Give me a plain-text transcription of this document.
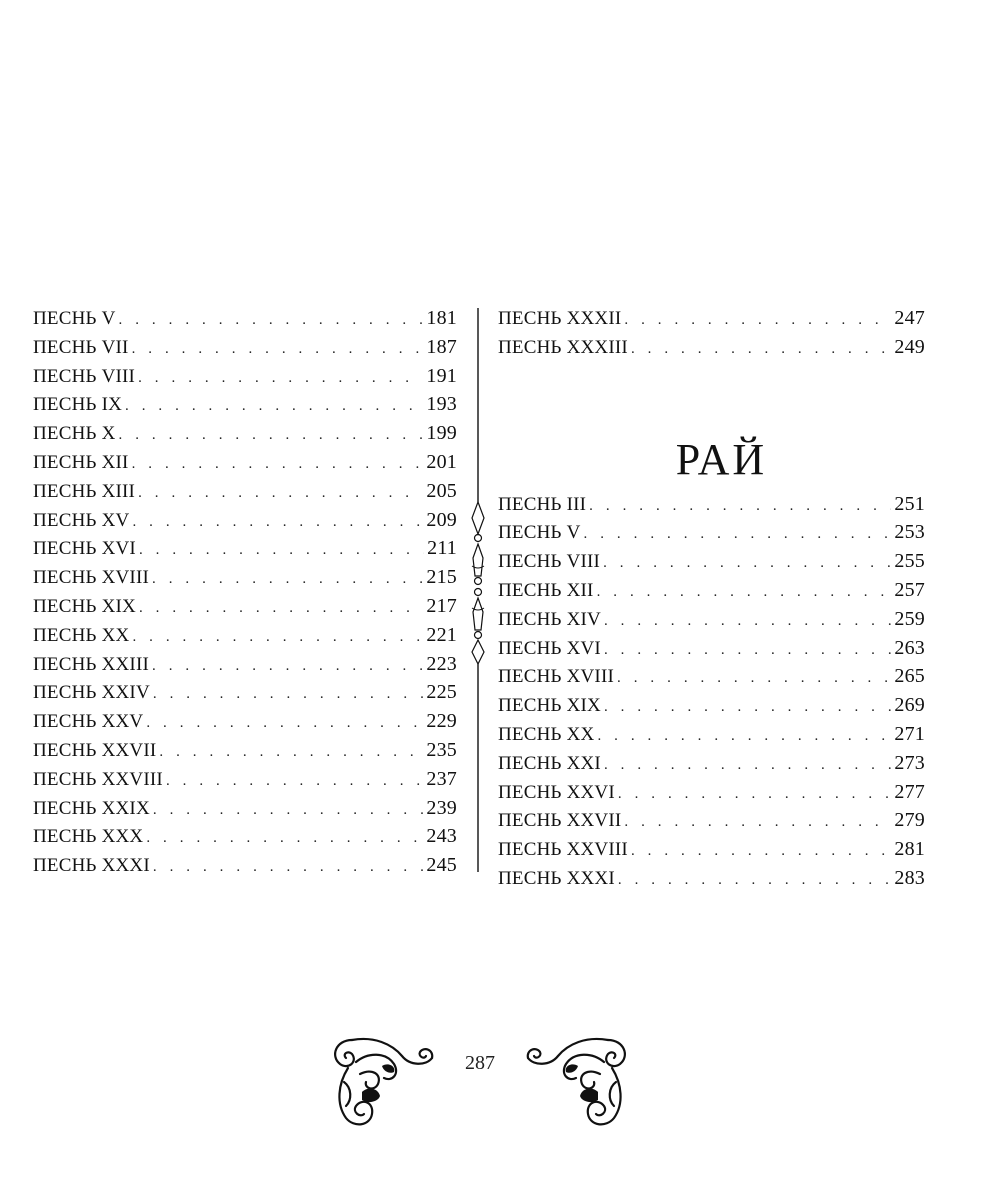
ПЕСНЬ V . . .	181
ПЕСНЬ VII . . .	187
ПЕСНЬ VIII . . .	191
ПЕСНЬ IX . . .	193
ПЕСНЬ X . . .	199
ПЕСНЬ XII . . .	201
ПЕСНЬ XIII . . .	205
ПЕСНЬ XV . . .	209
ПЕСНЬ XVI . . .	211
ПЕСНЬ XVIII . . .	215
ПЕСНЬ XIX . . .	217
ПЕСНЬ XX . . .	221
ПЕСНЬ XXIII . . .	223
ПЕСНЬ XXIV . . .	225
ПЕСНЬ XXV . . .	229
ПЕСНЬ XXVII . . .	235
ПЕСНЬ XXVIII . . .	237
ПЕСНЬ XXIX . . .	239
ПЕСНЬ XXX . . .	243
ПЕСНЬ XXXI . . .	245
ПЕСНЬ XXXII . . .	247
ПЕСНЬ XXXIII . . .	249
РАЙ
ПЕСНЬ III . . .	251
ПЕСНЬ V . . .	253
ПЕСНЬ VIII . . .	255
ПЕСНЬ XII . . .	257
ПЕСНЬ XIV . . .	259
ПЕСНЬ XVI . . .	263
ПЕСНЬ XVIII . . .	265
ПЕСНЬ XIX . . .	269
ПЕСНЬ XX . . .	271
ПЕСНЬ XXI . . .	273
ПЕСНЬ XXVI . . .	277
ПЕСНЬ XXVII . . .	279
ПЕСНЬ XXVIII . . .	281
ПЕСНЬ XXXI . . .	283
287
